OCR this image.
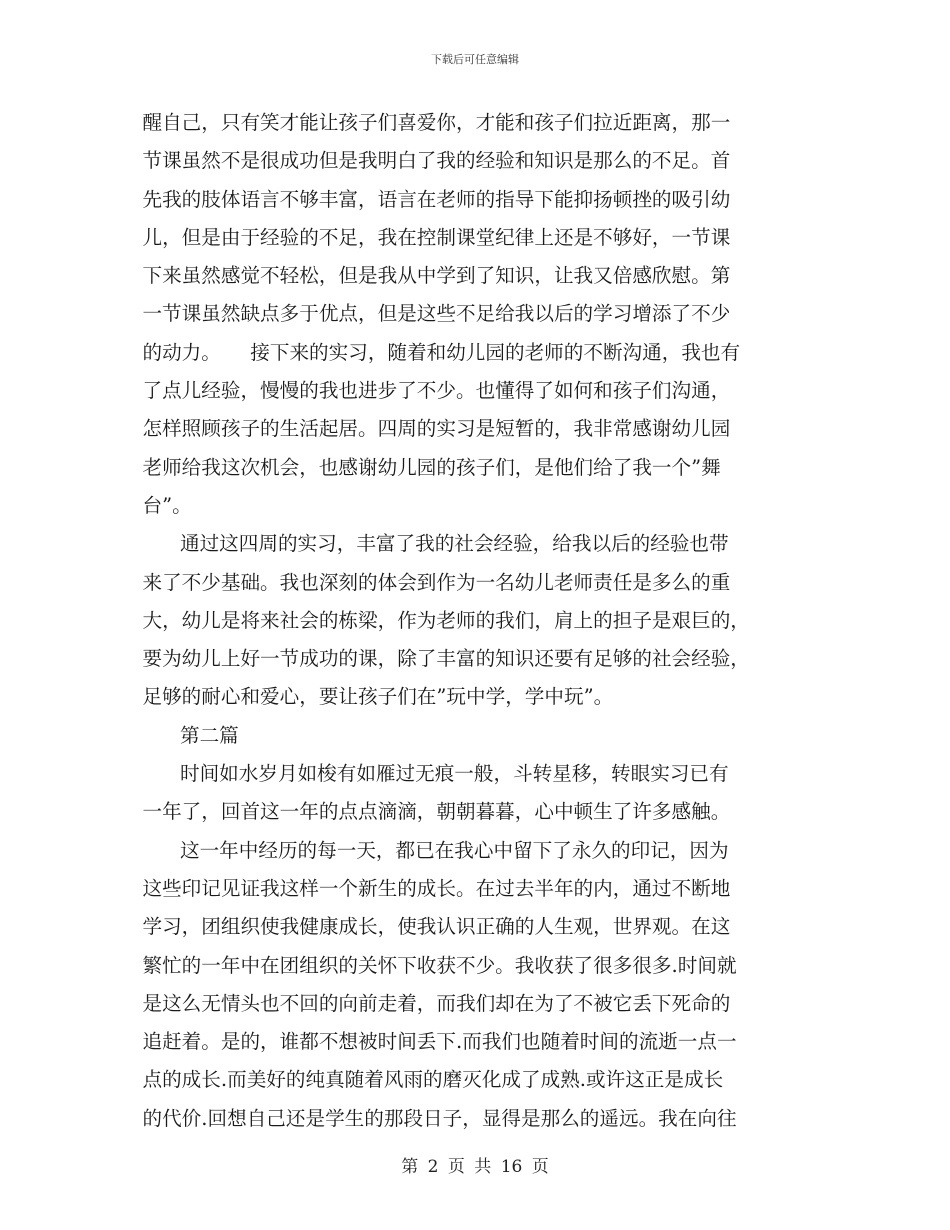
下载后可任意编辑
醒自己，只有笑才能让孩子们喜爱你，才能和孩子们拉近距离，那一
节课虽然不是很成功但是我明白了我的经验和知识是那么的不足。首
先我的肢体语言不够丰富，语言在老师的指导下能抑扬顿挫的吸引幼
儿，但是由于经验的不足，我在控制课堂纪律上还是不够好，一节课
下来虽然感觉不轻松，但是我从中学到了知识，让我又倍感欣慰。第
一节课虽然缺点多于优点，但是这些不足给我以后的学习增添了不少
的动力。　　接下来的实习，随着和幼儿园的老师的不断沟通，我也有
了点儿经验，慢慢的我也进步了不少。也懂得了如何和孩子们沟通，
怎样照顾孩子的生活起居。四周的实习是短暂的，我非常感谢幼儿园
老师给我这次机会，也感谢幼儿园的孩子们，是他们给了我一个”舞
台”。
通过这四周的实习，丰富了我的社会经验，给我以后的经验也带
来了不少基础。我也深刻的体会到作为一名幼儿老师责任是多么的重
大，幼儿是将来社会的栋梁，作为老师的我们，肩上的担子是艰巨的，
要为幼儿上好一节成功的课，除了丰富的知识还要有足够的社会经验，
足够的耐心和爱心，要让孩子们在”玩中学，学中玩”。
第二篇
时间如水岁月如梭有如雁过无痕一般，斗转星移，转眼实习已有
一年了，回首这一年的点点滴滴，朝朝暮暮，心中顿生了许多感触。
这一年中经历的每一天，都已在我心中留下了永久的印记，因为
这些印记见证我这样一个新生的成长。在过去半年的内，通过不断地
学习，团组织使我健康成长，使我认识正确的人生观，世界观。在这
繁忙的一年中在团组织的关怀下收获不少。我收获了很多很多.时间就
是这么无情头也不回的向前走着，而我们却在为了不被它丢下死命的
追赶着。是的，谁都不想被时间丢下.而我们也随着时间的流逝一点一
点的成长.而美好的纯真随着风雨的磨灭化成了成熟.或许这正是成长
的代价.回想自己还是学生的那段日子，显得是那么的遥远。我在向往
第 2 页 共 16 页
